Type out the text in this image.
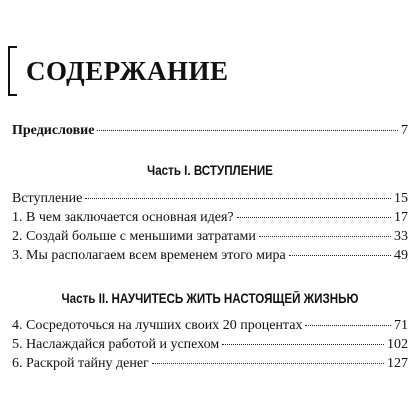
СОДЕРЖАНИЕ
Предисловие	7
Часть I. ВСТУПЛЕНИЕ
Вступление	15
1. В чем заключается основная идея?	17
2. Создай больше с меньшими затратами	33
3. Мы располагаем всем временем этого мира	49
Часть II. НАУЧИТЕСЬ ЖИТЬ НАСТОЯЩЕЙ ЖИЗНЬЮ
4. Сосредоточься на лучших своих 20 процентах	71
5. Наслаждайся работой и успехом	102
6. Раскрой тайну денег	127
